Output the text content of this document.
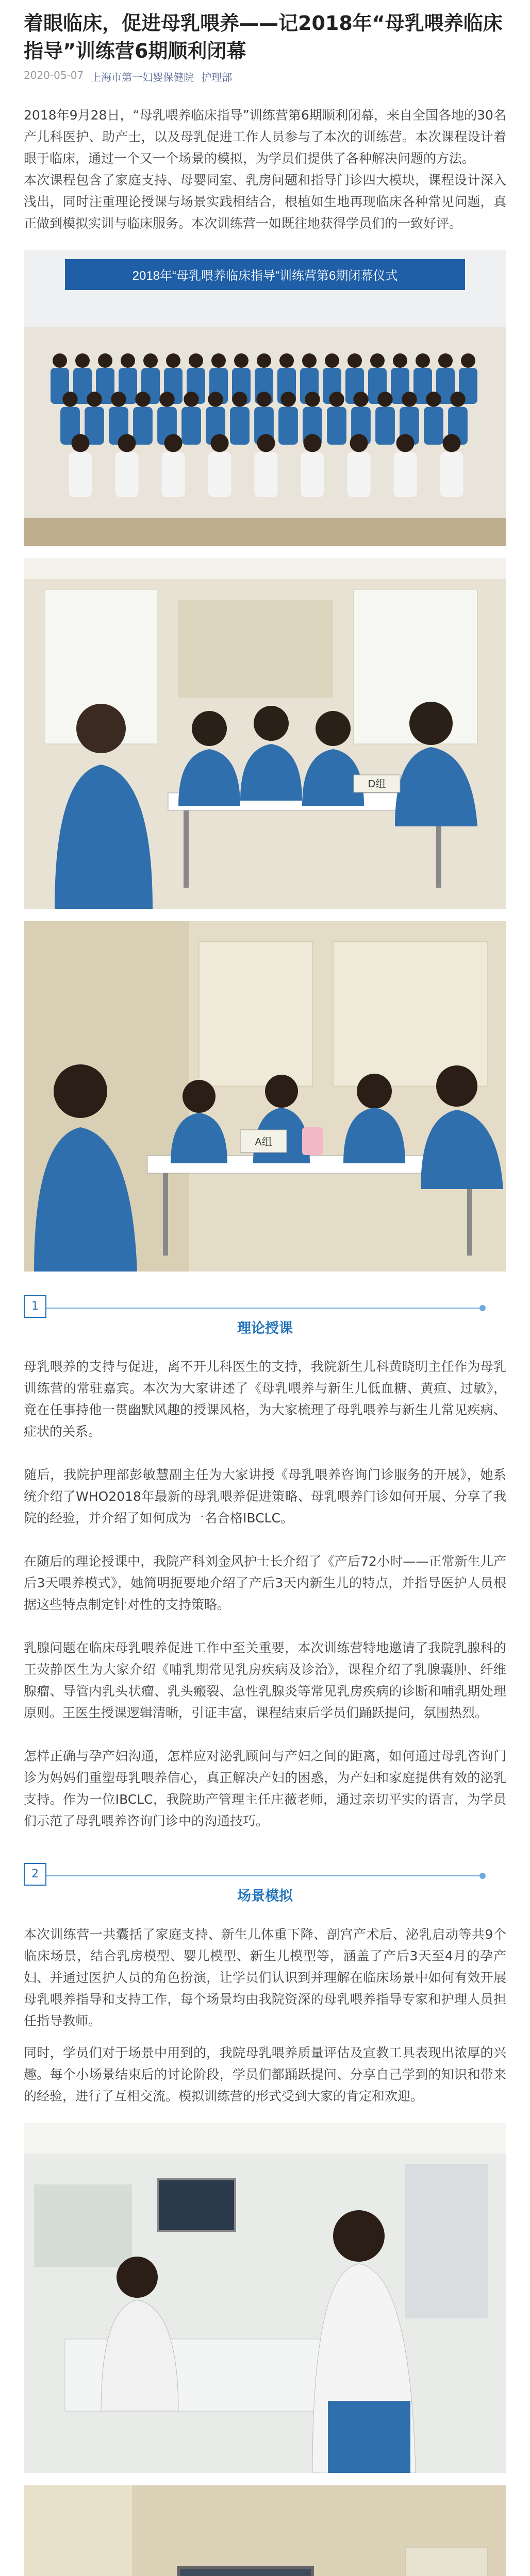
着眼临床，促进母乳喂养——记2018年“母乳喂养临床指导”训练营6期顺利闭幕
2020-05-07 上海市第一妇婴保健院 护理部

2018年9月28日，“母乳喂养临床指导”训练营第6期顺利闭幕，来自全国各地的30名产儿科医护、助产士，以及母乳促进工作人员参与了本次的训练营。本次课程设计着眼于临床，通过一个又一个场景的模拟，为学员们提供了各种解决问题的方法。

本次课程包含了家庭支持、母婴同室、乳房问题和指导门诊四大模块，课程设计深入浅出，同时注重理论授课与场景实践相结合，根植如生地再现临床各种常见问题，真正做到模拟实训与临床服务。本次训练营一如既往地获得学员们的一致好评。

2018年“母乳喂养临床指导”训练营第6期闭幕仪式
D组
A组
1
理论授课

母乳喂养的支持与促进，离不开儿科医生的支持，我院新生儿科黄晓明主任作为母乳训练营的常驻嘉宾。本次为大家讲述了《母乳喂养与新生儿低血糖、黄疸、过敏》，竟在任事持他一贯幽默风趣的授课风格，为大家梳理了母乳喂养与新生儿常见疾病、症状的关系。

随后，我院护理部彭敏慧副主任为大家讲授《母乳喂养咨询门诊服务的开展》，她系统介绍了WHO2018年最新的母乳喂养促进策略、母乳喂养门诊如何开展、分享了我院的经验，并介绍了如何成为一名合格IBCLC。

在随后的理论授课中，我院产科刘金风护士长介绍了《产后72小时——正常新生儿产后3天喂养模式》，她简明扼要地介绍了产后3天内新生儿的特点，并指导医护人员根据这些特点制定针对性的支持策略。

乳腺问题在临床母乳喂养促进工作中至关重要，本次训练营特地邀请了我院乳腺科的王荧静医生为大家介绍《哺乳期常见乳房疾病及诊治》，课程介绍了乳腺囊肿、纤维腺瘤、导管内乳头状瘤、乳头瘢裂、急性乳腺炎等常见乳房疾病的诊断和哺乳期处理原则。王医生授课逻辑清晰，引证丰富，课程结束后学员们踊跃提问，氛围热烈。

怎样正确与孕产妇沟通，怎样应对泌乳顾问与产妇之间的距离，如何通过母乳咨询门诊为妈妈们重塑母乳喂养信心，真正解决产妇的困惑，为产妇和家庭提供有效的泌乳支持。作为一位IBCLC，我院助产管理主任庄薇老师，通过亲切平实的语言，为学员们示范了母乳喂养咨询门诊中的沟通技巧。

2
场景模拟

本次训练营一共囊括了家庭支持、新生儿体重下降、剖宫产术后、泌乳启动等共9个临床场景，结合乳房模型、婴儿模型、新生儿模型等，涵盖了产后3天至4月的孕产妇、并通过医护人员的角色扮演，让学员们认识到并理解在临床场景中如何有效开展母乳喂养指导和支持工作，每个场景均由我院资深的母乳喂养指导专家和护理人员担任指导教师。

同时，学员们对于场景中用到的，我院母乳喂养质量评估及宣教工具表现出浓厚的兴趣。每个小场景结束后的讨论阶段，学员们都踊跃提问、分享自己学到的知识和带来的经验，进行了互相交流。模拟训练营的形式受到大家的肯定和欢迎。
